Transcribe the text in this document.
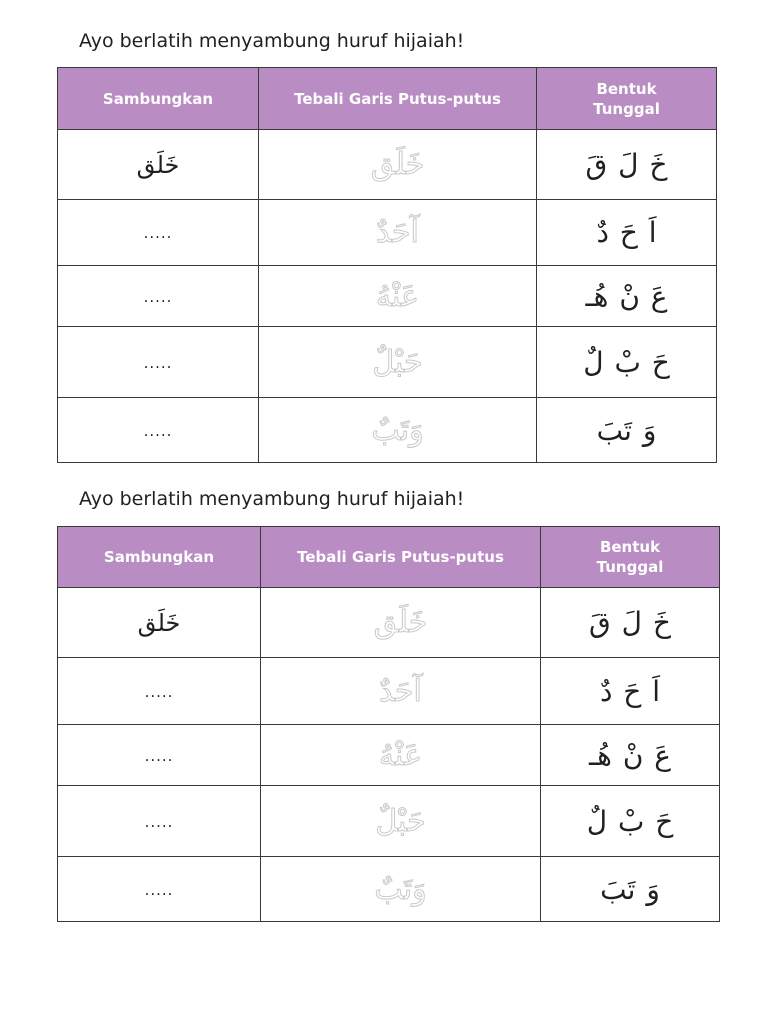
Ayo berlatih menyambung huruf hijaiah!
Sambungkan	Tebali Garis Putus-putus	Bentuk
Tunggal
خَلَق	خَلَق	خَ لَ قَ
.....	آحَدٌ	اَ حَ دٌ
.....	عَنْهُ	عَ نْ هُـ
.....	حَبْلٌ	حَ بْ لٌ
.....	وَتَبٌ	وَ تَبَ
Ayo berlatih menyambung huruf hijaiah!
Sambungkan	Tebali Garis Putus-putus	Bentuk
Tunggal
خَلَق	خَلَق	خَ لَ قَ
.....	آحَدٌ	اَ حَ دٌ
.....	عَنْهُ	عَ نْ هُـ
.....	حَبْلٌ	حَ بْ لٌ
.....	وَتَبٌ	وَ تَبَ
